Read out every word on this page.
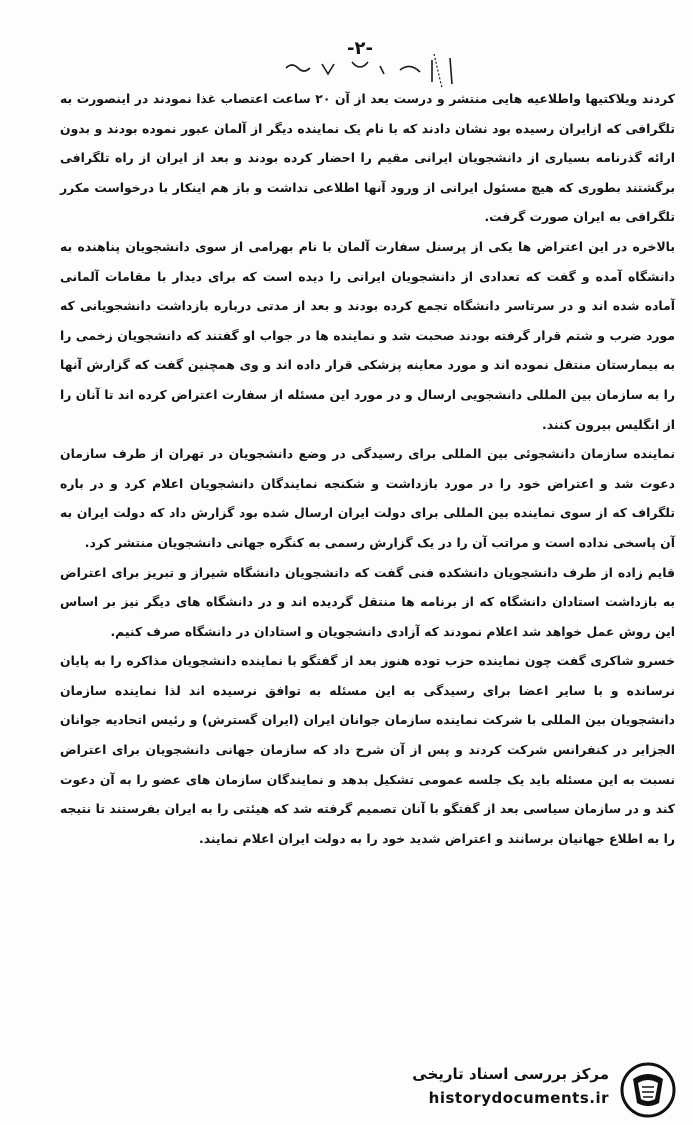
-۲-

کردند ویلاکتیها واطلاعیه هایی منتشر و درست بعد از آن ۲۰ ساعت اعتصاب غذا نمودند در اینصورت به تلگرافی که ازایران رسیده بود نشان دادند که با نام یک نماینده دیگر از آلمان عبور نموده بودند و بدون ارائه گذرنامه بسیاری از دانشجویان ایرانی مقیم را احضار کرده بودند و بعد از ایران از راه تلگرافی برگشتند بطوری که هیچ مسئول ایرانی از ورود آنها اطلاعی نداشت و باز هم اینکار با درخواست مکرر تلگرافی به ایران صورت گرفت.

بالاخره در این اعتراض ها یکی از پرسنل سفارت آلمان با نام بهرامی از سوی دانشجویان پناهنده به دانشگاه آمده و گفت که تعدادی از دانشجویان ایرانی را دیده است که برای دیدار با مقامات آلمانی آماده شده اند و در سرتاسر دانشگاه تجمع کرده بودند و بعد از مدتی درباره بازداشت دانشجویانی که مورد ضرب و شتم قرار گرفته بودند صحبت شد و نماینده ها در جواب او گفتند که دانشجویان زخمی را به بیمارستان منتقل نموده اند و مورد معاینه پزشکی قرار داده اند و وی همچنین گفت که گزارش آنها را به سازمان بین المللی دانشجویی ارسال و در مورد این مسئله از سفارت اعتراض کرده اند تا آنان را از انگلیس بیرون کنند.

نماینده سازمان دانشجوئی بین المللی برای رسیدگی در وضع دانشجویان در تهران از طرف سازمان دعوت شد و اعتراض خود را در مورد بازداشت و شکنجه نمایندگان دانشجویان اعلام کرد و در باره تلگراف که از سوی نماینده بین المللی برای دولت ایران ارسال شده بود گزارش داد که دولت ایران به آن پاسخی نداده است و مراتب آن را در یک گزارش رسمی به کنگره جهانی دانشجویان منتشر کرد.

قایم زاده از طرف دانشجویان دانشکده فنی گفت که دانشجویان دانشگاه شیراز و تبریز برای اعتراض به بازداشت استادان دانشگاه که از برنامه ها منتقل گردیده اند و در دانشگاه های دیگر نیز بر اساس این روش عمل خواهد شد اعلام نمودند که آزادی دانشجویان و استادان در دانشگاه صرف کنیم.

خسرو شاکری گفت چون نماینده حزب توده هنوز بعد از گفتگو با نماینده دانشجویان مذاکره را به پایان نرسانده و با سایر اعضا برای رسیدگی به این مسئله به توافق نرسیده اند لذا نماینده سازمان دانشجویان بین المللی با شرکت نماینده سازمان جوانان ایران (ایران گسترش) و رئیس اتحادیه جوانان الجزایر در کنفرانس شرکت کردند و پس از آن شرح داد که سازمان جهانی دانشجویان برای اعتراض نسبت به این مسئله باید یک جلسه عمومی تشکیل بدهد و نمایندگان سازمان های عضو را به آن دعوت کند و در سازمان سیاسی بعد از گفتگو با آنان تصمیم گرفته شد که هیئتی را به ایران بفرستند تا نتیجه را به اطلاع جهانیان برسانند و اعتراض شدید خود را به دولت ایران اعلام نمایند.

مرکز بررسی اسناد تاریخی
historydocuments.ir
